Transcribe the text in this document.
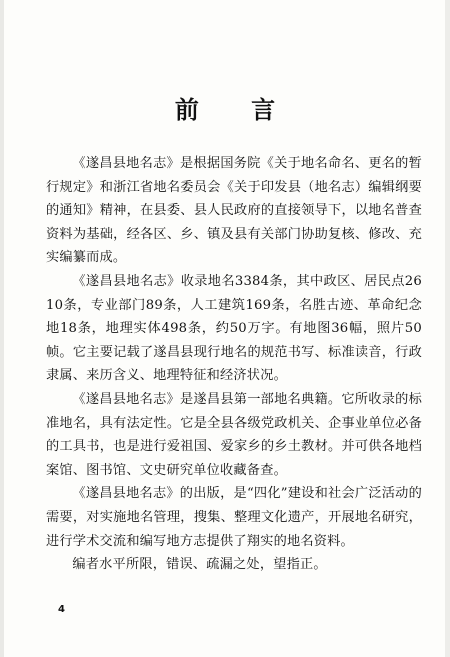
前 言

《遂昌县地名志》是根据国务院《关于地名命名、更名的暂行规定》和浙江省地名委员会《关于印发县（地名志）编辑纲要的通知》精神，在县委、县人民政府的直接领导下，以地名普查资料为基础，经各区、乡、镇及县有关部门协助复核、修改、充实编纂而成。

《遂昌县地名志》收录地名3384条，其中政区、居民点2610条，专业部门89条，人工建筑169条，名胜古迹、革命纪念地18条，地理实体498条，约50万字。有地图36幅，照片50帧。它主要记载了遂昌县现行地名的规范书写、标准读音，行政隶属、来历含义、地理特征和经济状况。

《遂昌县地名志》是遂昌县第一部地名典籍。它所收录的标准地名，具有法定性。它是全县各级党政机关、企事业单位必备的工具书，也是进行爱祖国、爱家乡的乡土教材。并可供各地档案馆、图书馆、文史研究单位收藏备查。

《遂昌县地名志》的出版，是“四化”建设和社会广泛活动的需要，对实施地名管理，搜集、整理文化遗产，开展地名研究，进行学术交流和编写地方志提供了翔实的地名资料。

编者水平所限，错误、疏漏之处，望指正。

4
